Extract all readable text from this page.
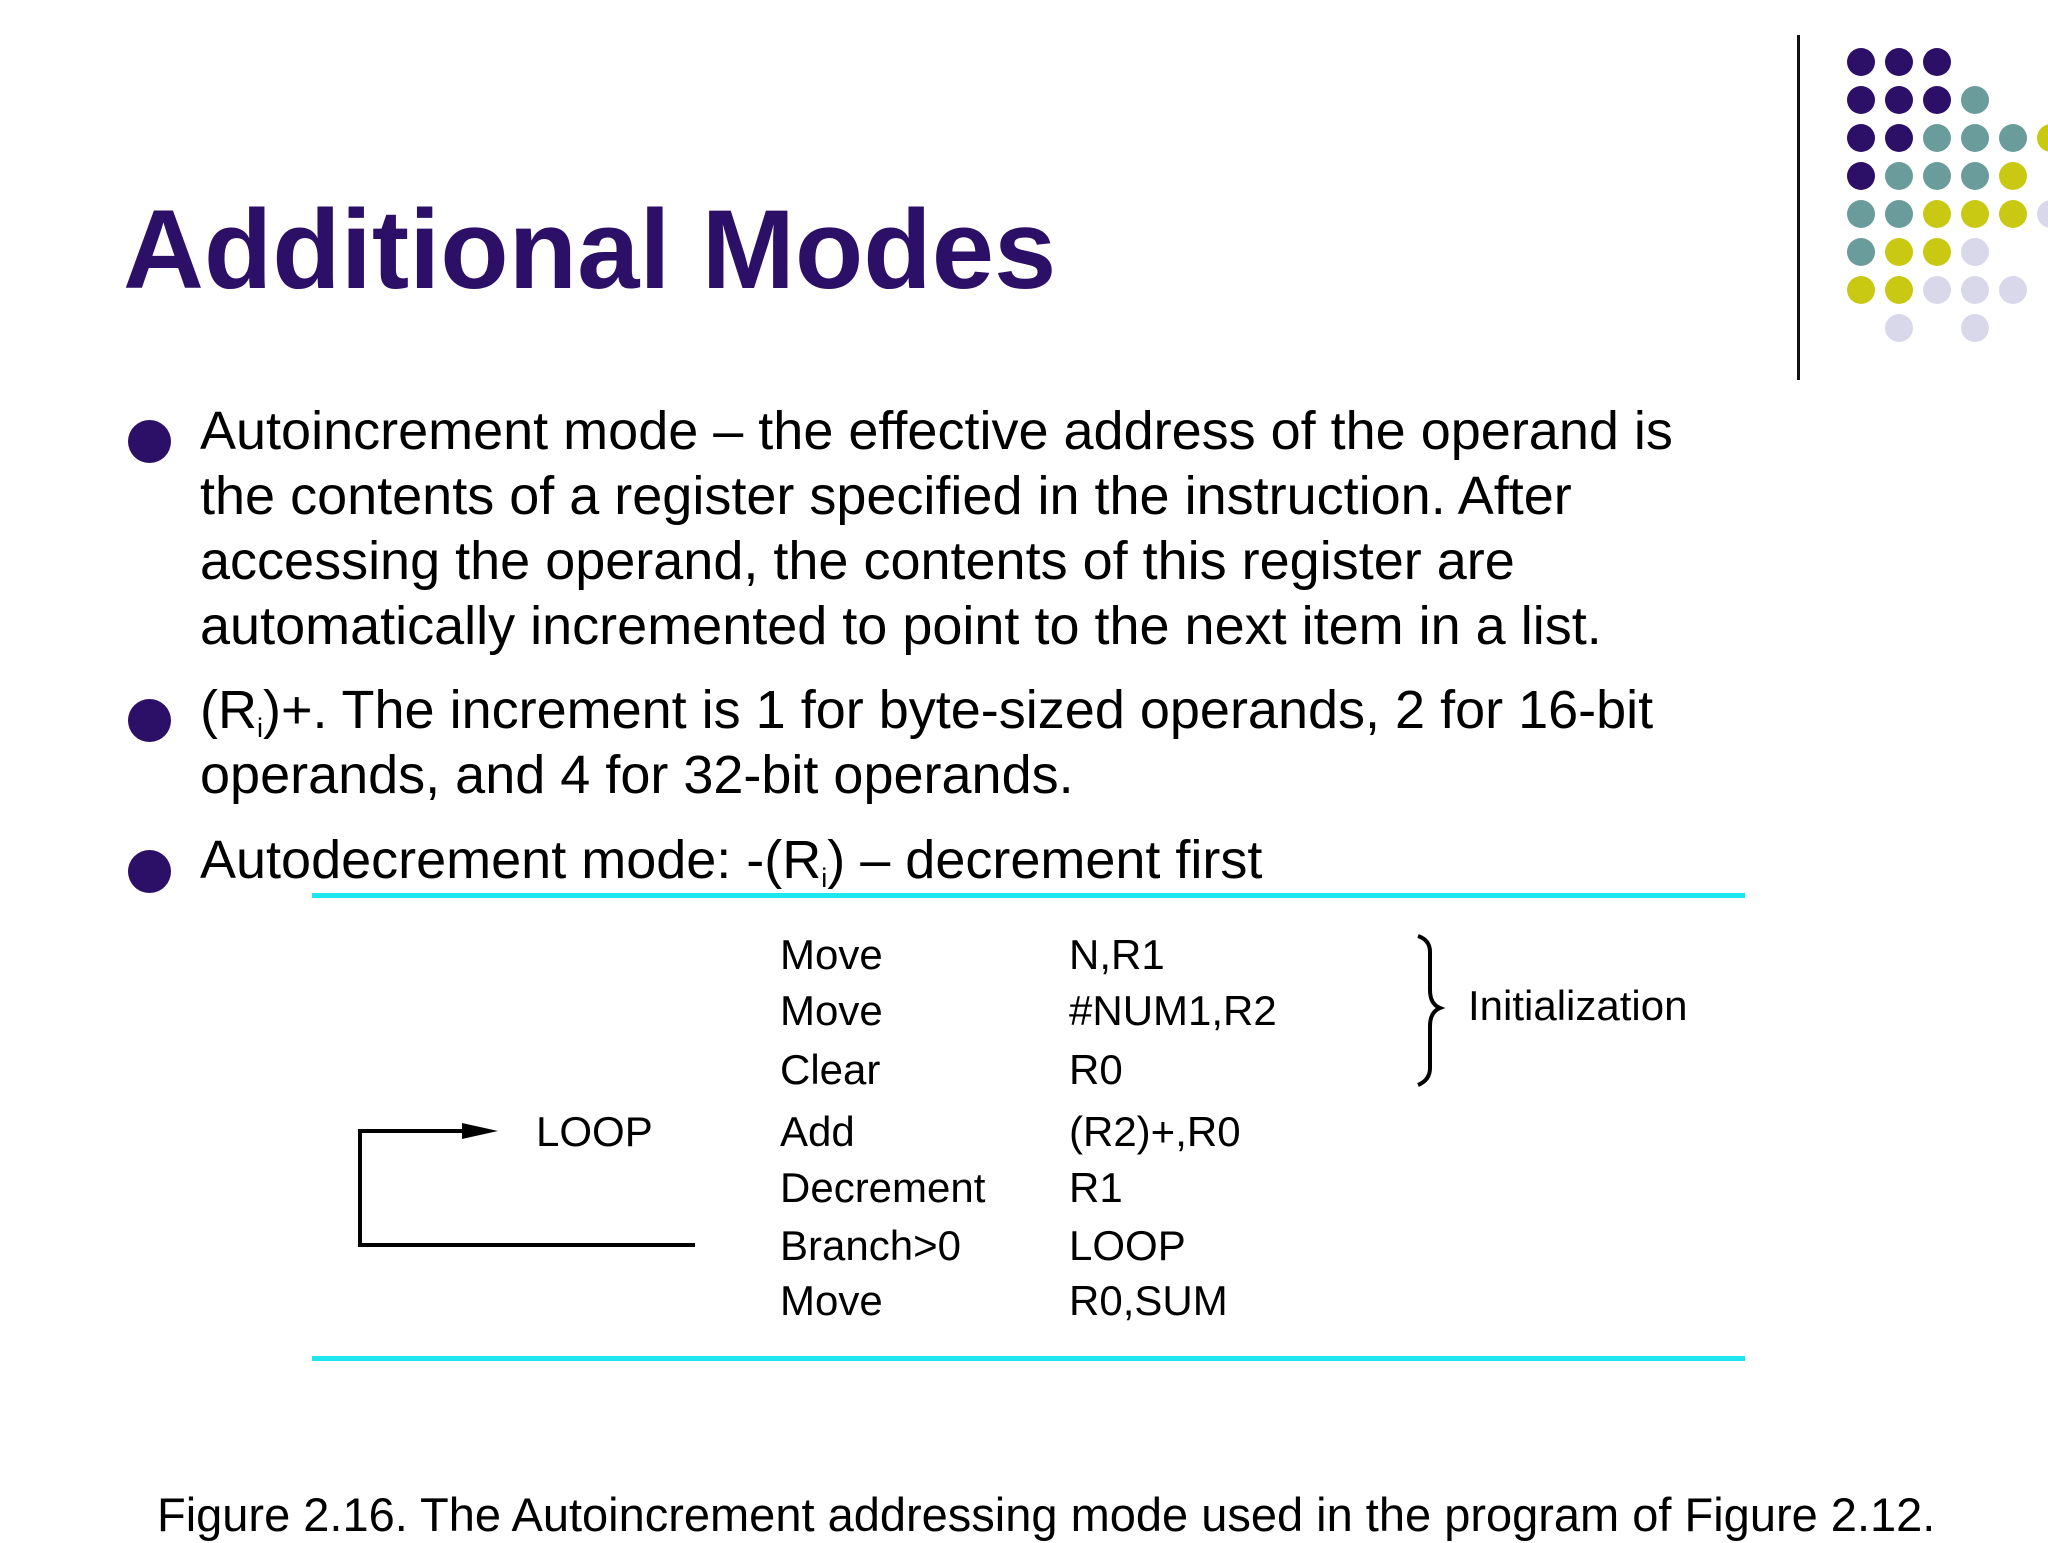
Additional Modes
Autoincrement mode – the effective address of the operand is
the contents of a register specified in the instruction. After
accessing the operand, the contents of this register are
automatically incremented to point to the next item in a list.
$(R_i)+$. The increment is 1 for byte-sized operands, 2 for 16-bit
operands, and 4 for 32-bit operands.
Autodecrement mode: $-(R_i)$ – decrement first
LOOP
Move	N,R1
Move	#NUM1,R2
Clear	R0
Add	(R2)+,R0
Decrement R1
Branch>0	LOOP
Move	R0,SUM
Initialization
Figure 2.16. The Autoincrement addressing mode used in the program of Figure 2.12.
